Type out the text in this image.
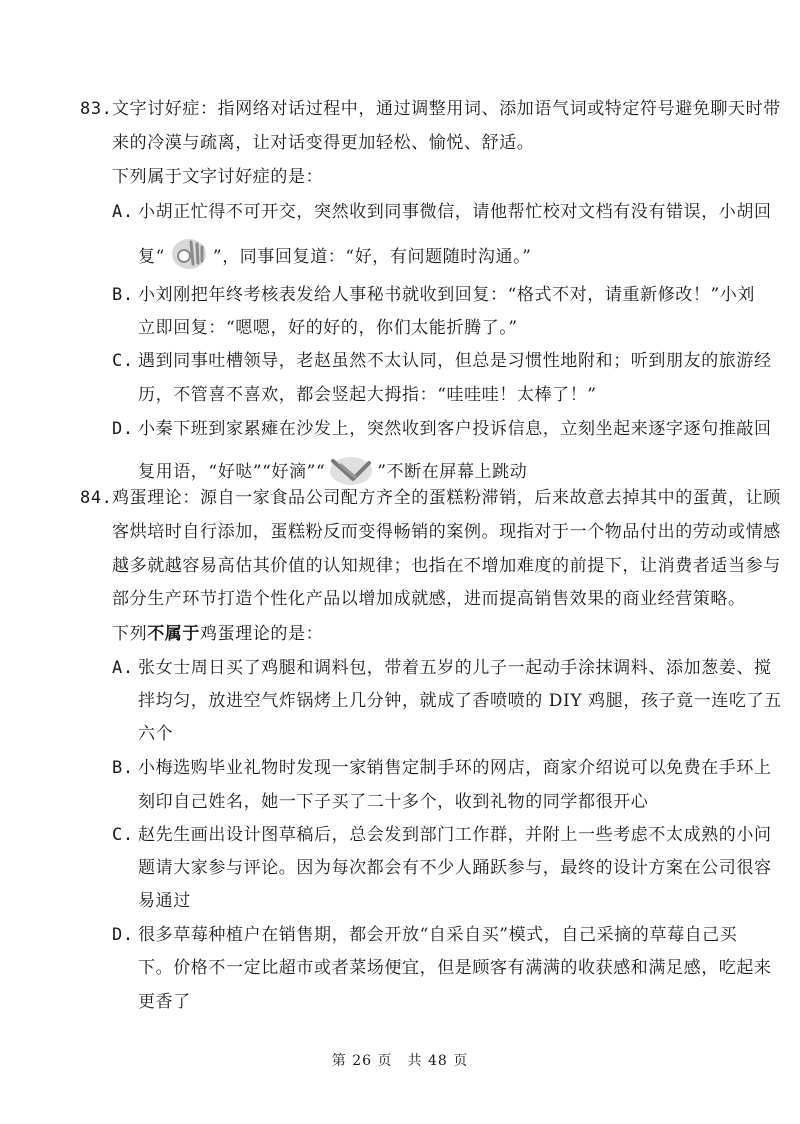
83. 文字讨好症：指网络对话过程中，通过调整用词、添加语气词或特定符号避免聊天时带
来的冷漠与疏离，让对话变得更加轻松、愉悦、舒适。
下列属于文字讨好症的是：
A. 小胡正忙得不可开交，突然收到同事微信，请他帮忙校对文档有没有错误，小胡回
复“	”，同事回复道：“好，有问题随时沟通。”
B. 小刘刚把年终考核表发给人事秘书就收到回复：“格式不对，请重新修改！”小刘
立即回复：“嗯嗯，好的好的，你们太能折腾了。”
C. 遇到同事吐槽领导，老赵虽然不太认同，但总是习惯性地附和；听到朋友的旅游经
历，不管喜不喜欢，都会竖起大拇指：“哇哇哇！太棒了！”
D. 小秦下班到家累瘫在沙发上，突然收到客户投诉信息，立刻坐起来逐字逐句推敲回
复用语，“好哒”“好滴”“	”不断在屏幕上跳动
84. 鸡蛋理论：源自一家食品公司配方齐全的蛋糕粉滞销，后来故意去掉其中的蛋黄，让顾
客烘培时自行添加，蛋糕粉反而变得畅销的案例。现指对于一个物品付出的劳动或情感
越多就越容易高估其价值的认知规律；也指在不增加难度的前提下，让消费者适当参与
部分生产环节打造个性化产品以增加成就感，进而提高销售效果的商业经营策略。
下列不属于鸡蛋理论的是：
A. 张女士周日买了鸡腿和调料包，带着五岁的儿子一起动手涂抹调料、添加葱姜、搅
拌均匀，放进空气炸锅烤上几分钟，就成了香喷喷的 DIY 鸡腿，孩子竟一连吃了五
六个
B. 小梅选购毕业礼物时发现一家销售定制手环的网店，商家介绍说可以免费在手环上
刻印自己姓名，她一下子买了二十多个，收到礼物的同学都很开心
C. 赵先生画出设计图草稿后，总会发到部门工作群，并附上一些考虑不太成熟的小问
题请大家参与评论。因为每次都会有不少人踊跃参与，最终的设计方案在公司很容
易通过
D. 很多草莓种植户在销售期，都会开放“自采自买”模式，自己采摘的草莓自己买
下。价格不一定比超市或者菜场便宜，但是顾客有满满的收获感和满足感，吃起来
更香了
第 26 页　共 48 页
